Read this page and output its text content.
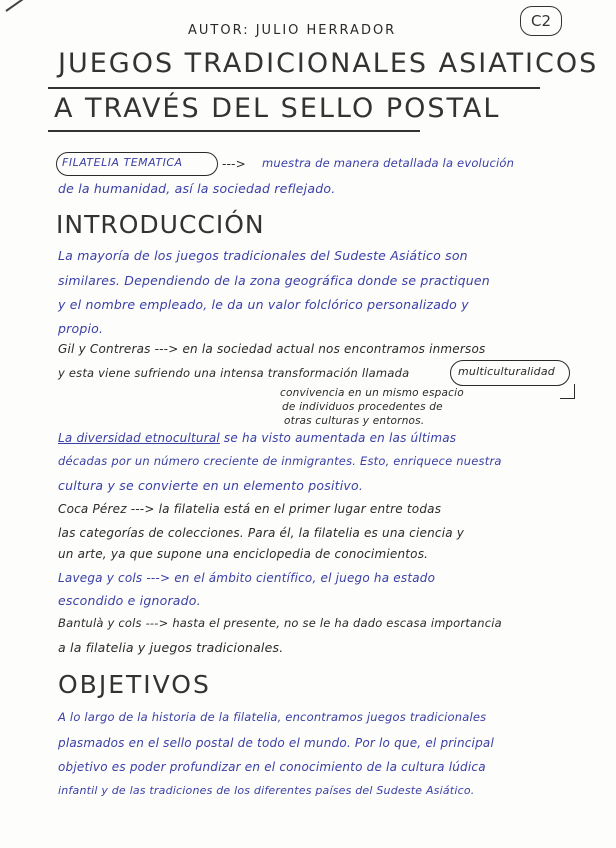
C2
AUTOR: JULIO HERRADOR
JUEGOS TRADICIONALES ASIATICOS
A TRAVÉS DEL SELLO POSTAL
FILATELIA TEMATICA	---> muestra de manera detallada la evolución
de la humanidad, así la sociedad reflejado.
INTRODUCCIÓN
La mayoría de los juegos tradicionales del Sudeste Asiático son
similares. Dependiendo de la zona geográfica donde se practiquen
y el nombre empleado, le da un valor folclórico personalizado y
propio.
Gil y Contreras ---> en la sociedad actual nos encontramos inmersos
y esta viene sufriendo una intensa transformación llamada	multiculturalidad
convivencia en un mismo espacio
de individuos procedentes de
otras culturas y entornos.
La diversidad etnocultural se ha visto aumentada en las últimas
décadas por un número creciente de inmigrantes. Esto, enriquece nuestra
cultura y se convierte en un elemento positivo.
Coca Pérez ---> la filatelia está en el primer lugar entre todas
las categorías de colecciones. Para él, la filatelia es una ciencia y
un arte, ya que supone una enciclopedia de conocimientos.
Lavega y cols ---> en el ámbito científico, el juego ha estado
escondido e ignorado.
Bantulà y cols ---> hasta el presente, no se le ha dado escasa importancia
a la filatelia y juegos tradicionales.
OBJETIVOS
A lo largo de la historia de la filatelia, encontramos juegos tradicionales
plasmados en el sello postal de todo el mundo. Por lo que, el principal
objetivo es poder profundizar en el conocimiento de la cultura lúdica
infantil y de las tradiciones de los diferentes países del Sudeste Asiático.
